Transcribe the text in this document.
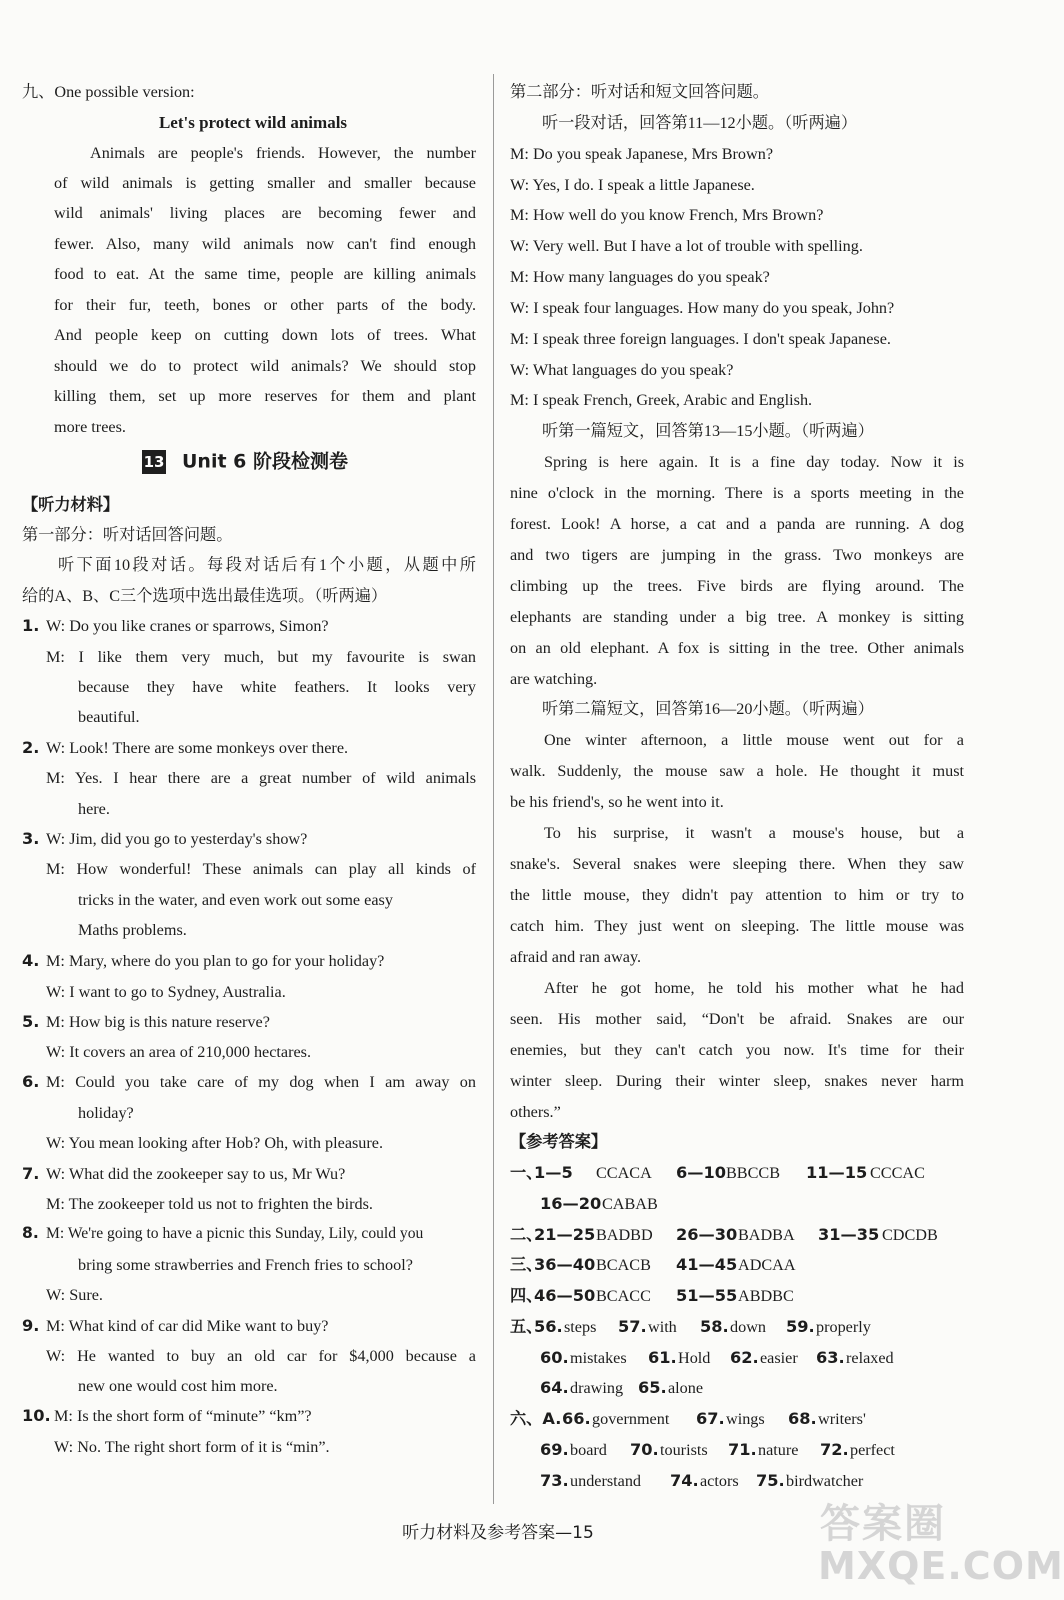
九、One possible version:
Let's protect wild animals
Animals are people's friends. However, the number
of wild animals is getting smaller and smaller because
wild animals' living places are becoming fewer and
fewer. Also, many wild animals now can't find enough
food to eat. At the same time, people are killing animals
for their fur, teeth, bones or other parts of the body.
And people keep on cutting down lots of trees. What
should we do to protect wild animals? We should stop
killing them, set up more reserves for them and plant
more trees.
13 Unit 6 阶段检测卷
【听力材料】
第一部分：听对话回答问题。
听下面10段对话。每段对话后有1个小题，从题中所
给的A、B、C三个选项中选出最佳选项。（听两遍）
1. W: Do you like cranes or sparrows, Simon?
M: I like them very much, but my favourite is swan
because they have white feathers. It looks very
beautiful.
2. W: Look! There are some monkeys over there.
M: Yes. I hear there are a great number of wild animals
here.
3. W: Jim, did you go to yesterday's show?
M: How wonderful! These animals can play all kinds of
tricks in the water, and even work out some easy
Maths problems.
4. M: Mary, where do you plan to go for your holiday?
W: I want to go to Sydney, Australia.
5. M: How big is this nature reserve?
W: It covers an area of 210,000 hectares.
6. M: Could you take care of my dog when I am away on
holiday?
W: You mean looking after Hob? Oh, with pleasure.
7. W: What did the zookeeper say to us, Mr Wu?
M: The zookeeper told us not to frighten the birds.
8. M: We're going to have a picnic this Sunday, Lily, could you
bring some strawberries and French fries to school?
W: Sure.
9. M: What kind of car did Mike want to buy?
W: He wanted to buy an old car for $4,000 because a
new one would cost him more.
10. M: Is the short form of “minute” “km”?
W: No. The right short form of it is “min”.
第二部分：听对话和短文回答问题。
听一段对话，回答第11—12小题。（听两遍）
M: Do you speak Japanese, Mrs Brown?
W: Yes, I do. I speak a little Japanese.
M: How well do you know French, Mrs Brown?
W: Very well. But I have a lot of trouble with spelling.
M: How many languages do you speak?
W: I speak four languages. How many do you speak, John?
M: I speak three foreign languages. I don't speak Japanese.
W: What languages do you speak?
M: I speak French, Greek, Arabic and English.
听第一篇短文，回答第13—15小题。（听两遍）
Spring is here again. It is a fine day today. Now it is
nine o'clock in the morning. There is a sports meeting in the
forest. Look! A horse, a cat and a panda are running. A dog
and two tigers are jumping in the grass. Two monkeys are
climbing up the trees. Five birds are flying around. The
elephants are standing under a big tree. A monkey is sitting
on an old elephant. A fox is sitting in the tree. Other animals
are watching.
听第二篇短文，回答第16—20小题。（听两遍）
One winter afternoon, a little mouse went out for a
walk. Suddenly, the mouse saw a hole. He thought it must
be his friend's, so he went into it.
To his surprise, it wasn't a mouse's house, but a
snake's. Several snakes were sleeping there. When they saw
the little mouse, they didn't pay attention to him or try to
catch him. They just went on sleeping. The little mouse was
afraid and ran away.
After he got home, he told his mother what he had
seen. His mother said, “Don't be afraid. Snakes are our
enemies, but they can't catch you now. It's time for their
winter sleep. During their winter sleep, snakes never harm
others.”
【参考答案】
一、1—5 CCACA 6—10BBCCB 11—15 CCCAC
16—20CABAB
二、21—25BADBD 26—30BADBA 31—35 CDCDB
三、36—40BCACB 41—45ADCAA
四、46—50BCACC 51—55ABDBC
五、56.steps 57.with 58.down 59.properly
60.mistakes 61.Hold 62.easier 63.relaxed
64.drawing 65.alone
六、A.66.government 67.wings 68.writers'
69.board 70.tourists 71.nature 72.perfect
73.understand 74.actors 75.birdwatcher
听力材料及参考答案—15	答案圈
MXQE.COM
